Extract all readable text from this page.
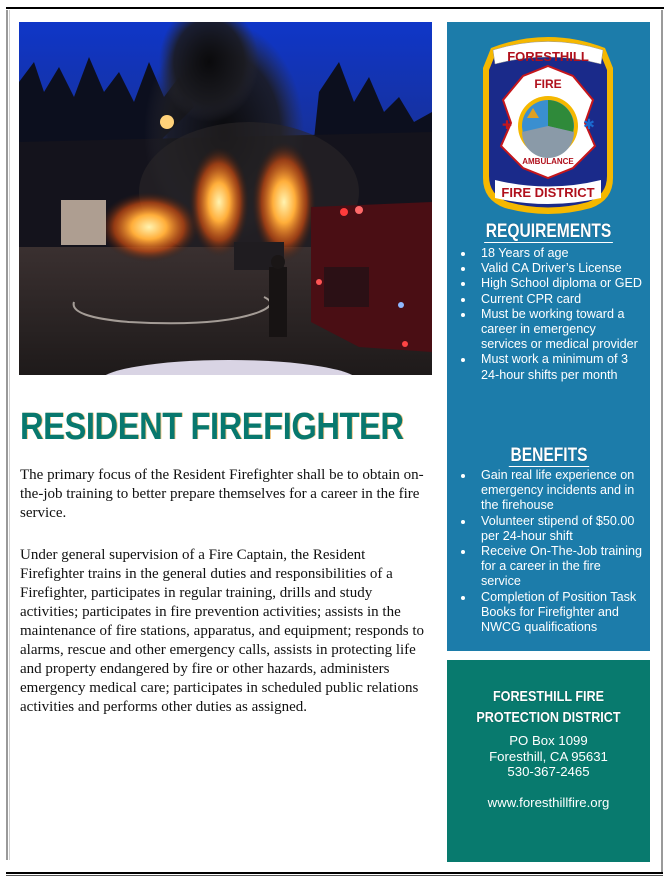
RESIDENT FIREFIGHTER
The primary focus of the Resident Firefighter shall be to obtain on-the-job training to better prepare themselves for a career in the fire service.
Under general supervision of a Fire Captain, the Resident Firefighter trains in the general duties and responsibilities of a Firefighter, participates in regular training, drills and study activities; participates in fire prevention activities; assists in the maintenance of fire stations, apparatus, and equipment; responds to alarms, rescue and other emergency calls, assists in protecting life and property endangered by fire or other hazards, administers emergency medical care; participates in scheduled public relations activities and performs other duties as assigned.
FORESTHILL
FIRE
AMBULANCE
✱
✚
FIRE DISTRICT
REQUIREMENTS
18 Years of age
Valid CA Driver’s License
High School diploma or GED
Current CPR card
Must be working toward a career in emergency services or medical provider
Must work a minimum of 3 24-hour shifts per month
BENEFITS
Gain real life experience on emergency incidents and in the firehouse
Volunteer stipend of $50.00 per 24-hour shift
Receive On-The-Job training for a career in the fire service
Completion of Position Task Books for Firefighter and NWCG qualifications
FORESTHILL FIRE
PROTECTION DISTRICT
PO Box 1099
Foresthill, CA 95631
530-367-2465
www.foresthillfire.org
